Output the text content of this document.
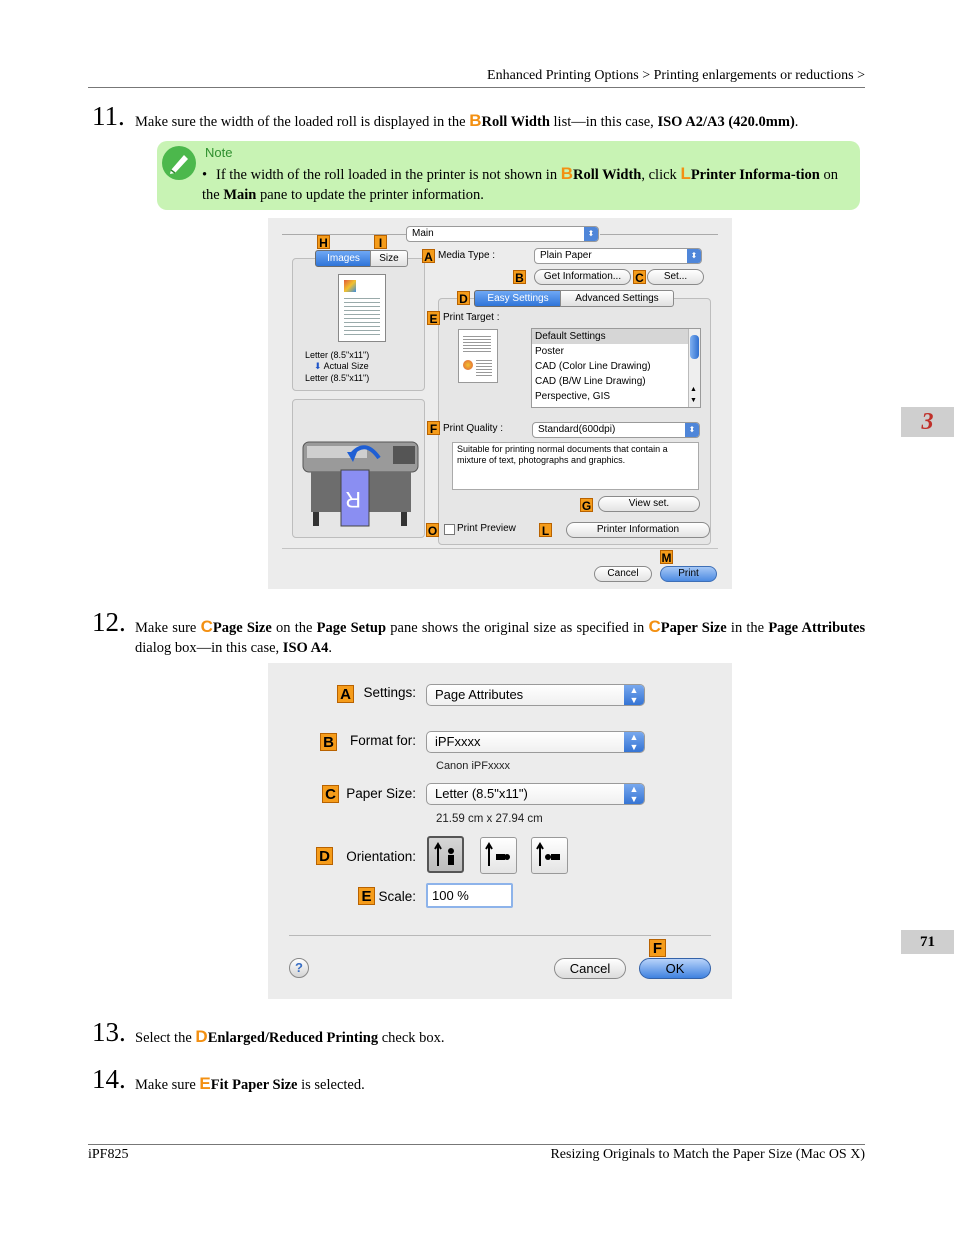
Enhanced Printing Options > Printing enlargements or reductions >
3
71
11. Make sure the width of the loaded roll is displayed in the BRoll Width list—in this case, ISO A2/A3 (420.0mm).
Note
• If the width of the roll loaded in the printer is not shown in BRoll Width, click LPrinter Informa-tion on the Main pane to update the printer information.
Main	⬍
H	I
Images	Size
Letter (8.5"x11")
⬇ Actual Size
Letter (8.5"x11")
R
A Media Type :	Plain Paper	⬍
B	Get Information...	C	Set...
D	Easy Settings	Advanced Settings
E Print Target :
Default Settings
Poster
CAD (Color Line Drawing)
CAD (B/W Line Drawing)
Perspective, GIS
▲
▼
F Print Quality :	Standard(600dpi)	⬍
Suitable for printing normal documents that contain a mixture of text, photographs and graphics.
G	View set.
O Print Preview L	Printer Information
M
Cancel	Print
12. Make sure CPage Size on the Page Setup pane shows the original size as specified in CPaper Size in the Page Attributes dialog box—in this case, ISO A4.
A Settings:	Page Attributes	▲
▼
B	Format for:	iPFxxxx	▲
▼
Canon iPFxxxx
C Paper Size:	Letter (8.5"x11")	▲
▼
21.59 cm x 27.94 cm
D	Orientation:
E Scale:	100 %
F
?	Cancel	OK
13. Select the DEnlarged/Reduced Printing check box.
14. Make sure EFit Paper Size is selected.
iPF825	Resizing Originals to Match the Paper Size (Mac OS X)
